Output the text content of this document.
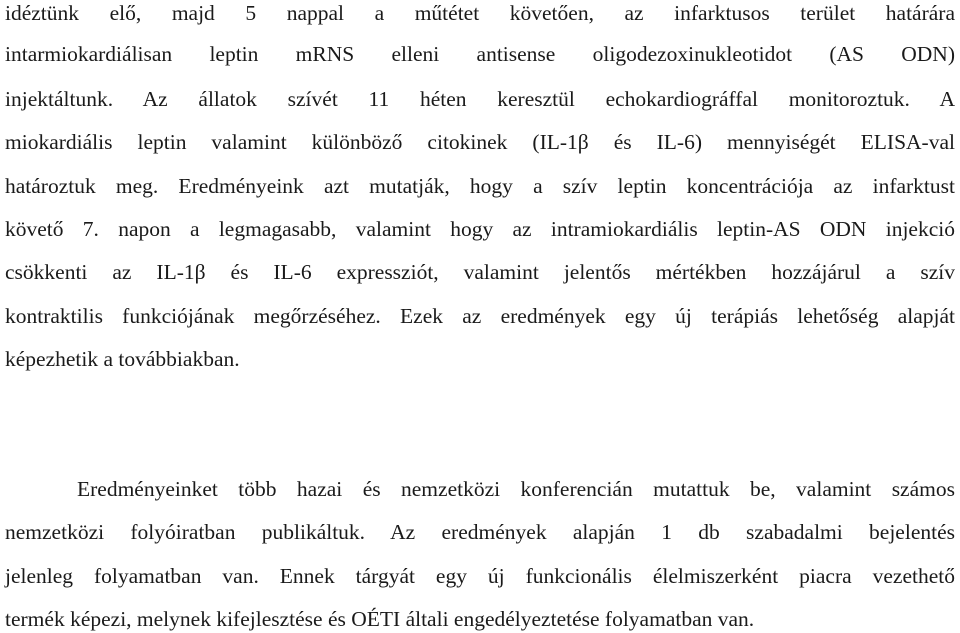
idéztünk elő, majd 5 nappal a műtétet követően, az infarktusos terület határára
intarmiokardiálisan leptin mRNS elleni antisense oligodezoxinukleotidot (AS ODN)
injektáltunk. Az állatok szívét 11 héten keresztül echokardiográffal monitoroztuk. A
miokardiális leptin valamint különböző citokinek (IL-1β és IL-6) mennyiségét ELISA-val
határoztuk meg. Eredményeink azt mutatják, hogy a szív leptin koncentrációja az infarktust
követő 7. napon a legmagasabb, valamint hogy az intramiokardiális leptin-AS ODN injekció
csökkenti az IL-1β és IL-6 expressziót, valamint jelentős mértékben hozzájárul a szív
kontraktilis funkciójának megőrzéséhez. Ezek az eredmények egy új terápiás lehetőség alapját
képezhetik a továbbiakban.
Eredményeinket több hazai és nemzetközi konferencián mutattuk be, valamint számos
nemzetközi folyóiratban publikáltuk. Az eredmények alapján 1 db szabadalmi bejelentés
jelenleg folyamatban van. Ennek tárgyát egy új funkcionális élelmiszerként piacra vezethető
termék képezi, melynek kifejlesztése és OÉTI általi engedélyeztetése folyamatban van.
